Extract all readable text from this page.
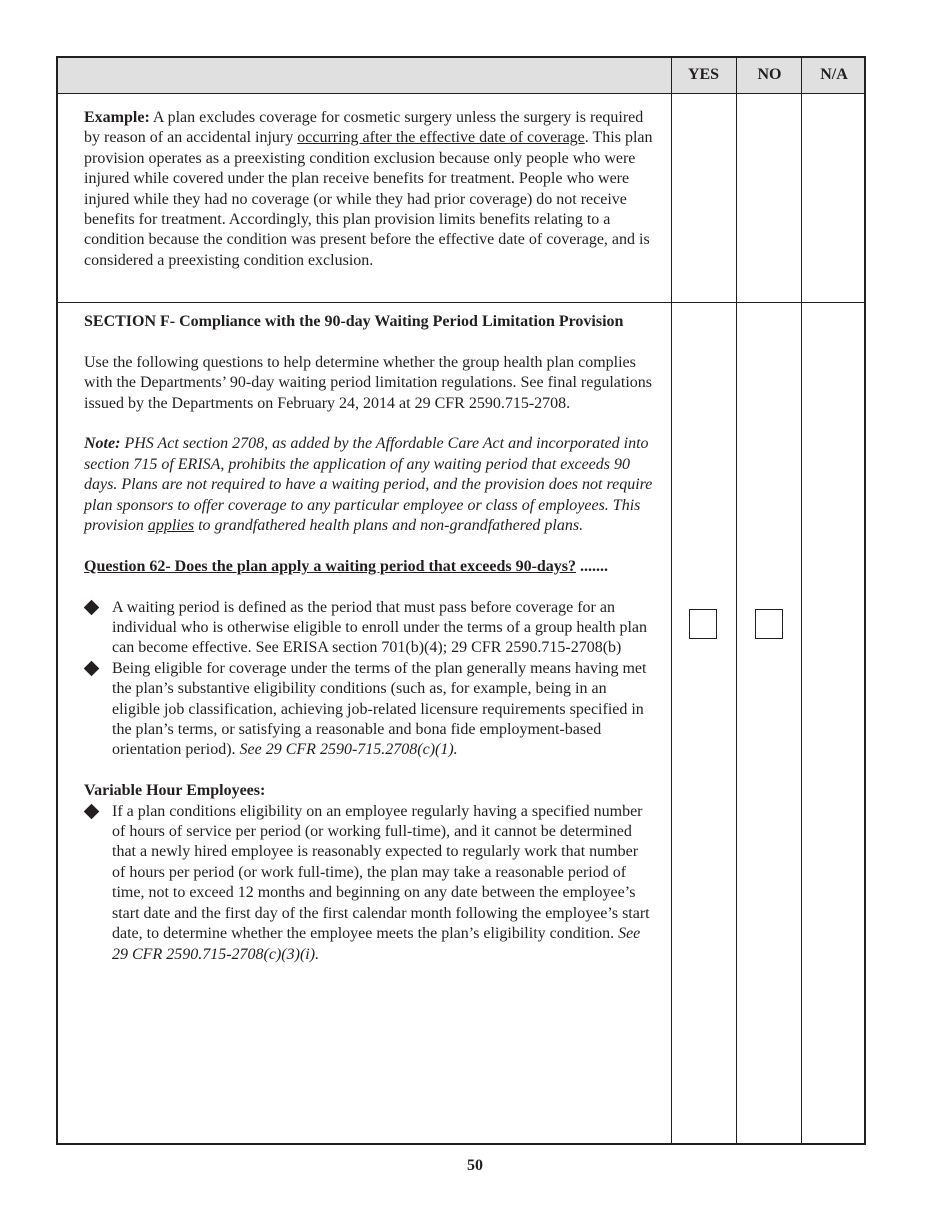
YES	NO	N/A
Example: A plan excludes coverage for cosmetic surgery unless the surgery is required by reason of an accidental injury occurring after the effective date of coverage. This plan provision operates as a preexisting condition exclusion because only people who were injured while covered under the plan receive benefits for treatment. People who were injured while they had no coverage (or while they had prior coverage) do not receive benefits for treatment. Accordingly, this plan provision limits benefits relating to a condition because the condition was present before the effective date of coverage, and is considered a preexisting condition exclusion.

SECTION F- Compliance with the 90-day Waiting Period Limitation Provision

Use the following questions to help determine whether the group health plan complies with the Departments’ 90-day waiting period limitation regulations. See final regulations issued by the Departments on February 24, 2014 at 29 CFR 2590.715-2708.

Note: PHS Act section 2708, as added by the Affordable Care Act and incorporated into section 715 of ERISA, prohibits the application of any waiting period that exceeds 90 days. Plans are not required to have a waiting period, and the provision does not require plan sponsors to offer coverage to any particular employee or class of employees. This provision applies to grandfathered health plans and non-grandfathered plans.

Question 62- Does the plan apply a waiting period that exceeds 90-days? .......

A waiting period is defined as the period that must pass before coverage for an individual who is otherwise eligible to enroll under the terms of a group health plan can become effective. See ERISA section 701(b)(4); 29 CFR 2590.715-2708(b)
Being eligible for coverage under the terms of the plan generally means having met the plan’s substantive eligibility conditions (such as, for example, being in an eligible job classification, achieving job-related licensure requirements specified in the plan’s terms, or satisfying a reasonable and bona fide employment-based orientation period). See 29 CFR 2590-715.2708(c)(1).

Variable Hour Employees:

If a plan conditions eligibility on an employee regularly having a specified number of hours of service per period (or working full-time), and it cannot be determined that a newly hired employee is reasonably expected to regularly work that number of hours per period (or work full-time), the plan may take a reasonable period of time, not to exceed 12 months and beginning on any date between the employee’s start date and the first day of the first calendar month following the employee’s start date, to determine whether the employee meets the plan’s eligibility condition. See 29 CFR 2590.715-2708(c)(3)(i).
50
